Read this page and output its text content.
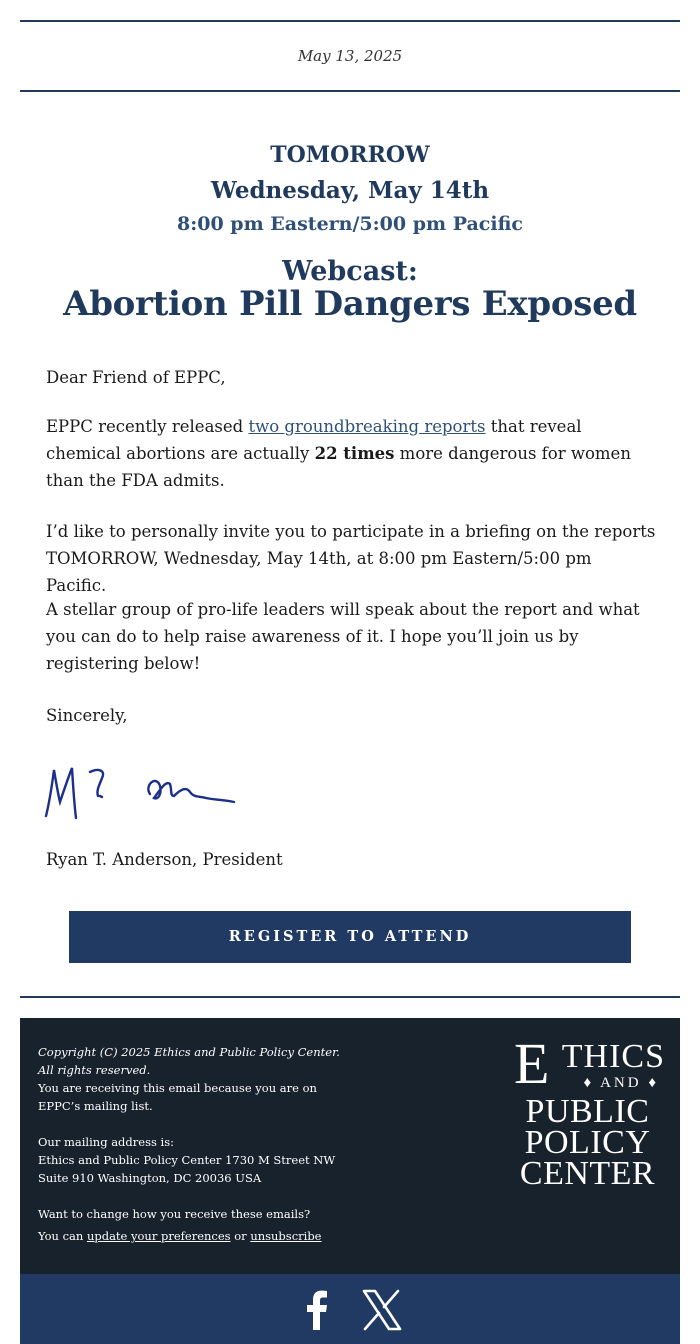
May 13, 2025
TOMORROW
Wednesday, May 14th
8:00 pm Eastern/5:00 pm Pacific
Webcast:
Abortion Pill Dangers Exposed
Dear Friend of EPPC,
EPPC recently released two groundbreaking reports that reveal chemical abortions are actually 22 times more dangerous for women than the FDA admits.
I’d like to personally invite you to participate in a briefing on the reports TOMORROW, Wednesday, May 14th, at 8:00 pm Eastern/5:00 pm Pacific.
A stellar group of pro-life leaders will speak about the report and what you can do to help raise awareness of it. I hope you’ll join us by registering below!
Sincerely,
Ryan T. Anderson, President
REGISTER TO ATTEND
Copyright (C) 2025 Ethics and Public Policy Center.
All rights reserved.
You are receiving this email because you are on
EPPC’s mailing list.
Our mailing address is:
Ethics and Public Policy Center 1730 M Street NW
Suite 910 Washington, DC 20036 USA
Want to change how you receive these emails?
You can update your preferences or unsubscribe
ETHICS
♦ AND ♦
PUBLIC
POLICY
CENTER
